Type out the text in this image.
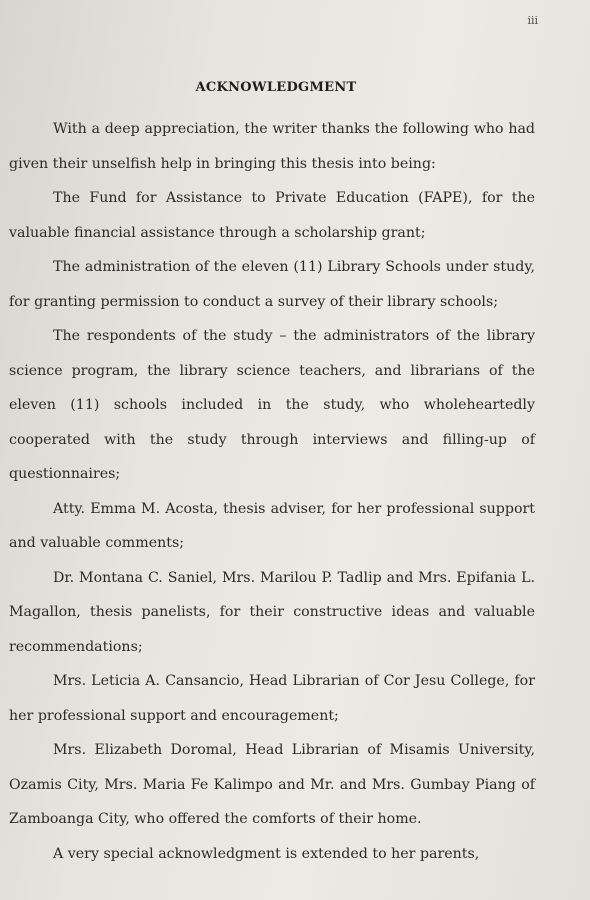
iii
ACKNOWLEDGMENT

With a deep appreciation, the writer thanks the following who had given their unselfish help in bringing this thesis into being:

The Fund for Assistance to Private Education (FAPE), for the valuable financial assistance through a scholarship grant;

The administration of the eleven (11) Library Schools under study, for granting permission to conduct a survey of their library schools;

The respondents of the study – the administrators of the library science program, the library science teachers, and librarians of the eleven (11) schools included in the study, who wholeheartedly cooperated with the study through interviews and filling-up of questionnaires;

Atty. Emma M. Acosta, thesis adviser, for her professional support and valuable comments;

Dr. Montana C. Saniel, Mrs. Marilou P. Tadlip and Mrs. Epifania L. Magallon, thesis panelists, for their constructive ideas and valuable recommendations;

Mrs. Leticia A. Cansancio, Head Librarian of Cor Jesu College, for her professional support and encouragement;

Mrs. Elizabeth Doromal, Head Librarian of Misamis University, Ozamis City, Mrs. Maria Fe Kalimpo and Mr. and Mrs. Gumbay Piang of Zamboanga City, who offered the comforts of their home.

A very special acknowledgment is extended to her parents,
